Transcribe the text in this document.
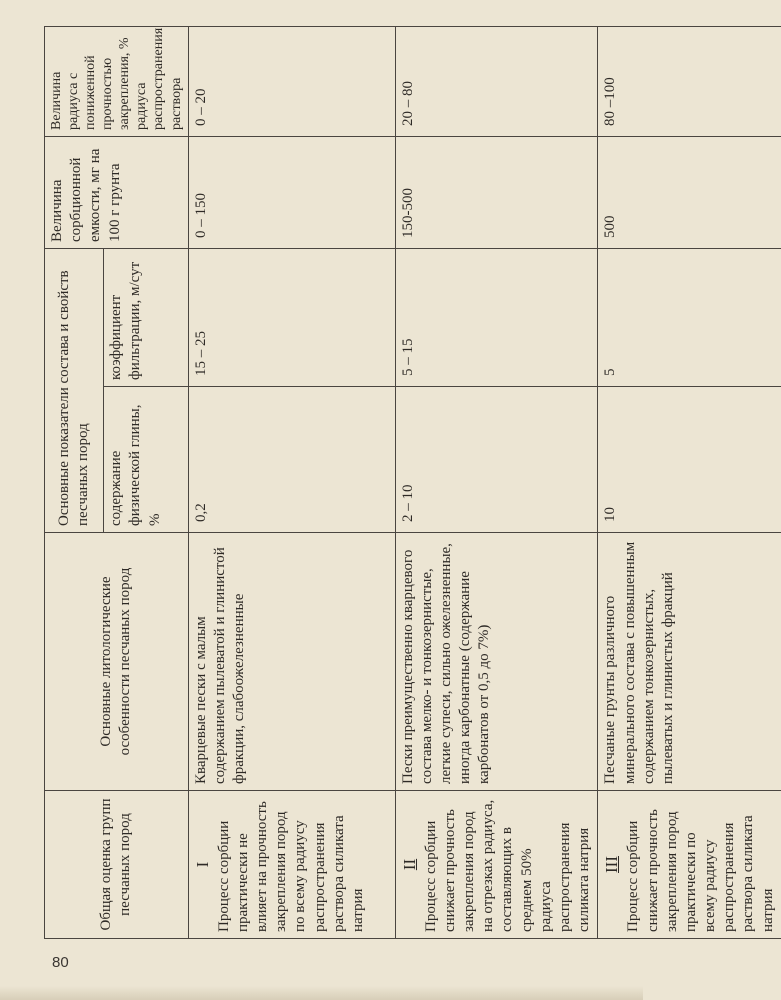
80
Общая оценка групп песчаных пород	Основные литологические особенности песчаных пород	Основные показатели состава и свойств песчаных пород		Величина сорбционной емкости, мг на 100 г грунта	Величина радиуса с пониженной прочностью закрепления, % радиуса распространения раствора
		содержание физической глины, %	коэффициент фильтрации, м/сут		

I Процесс сорбции практически не влияет на прочность закрепления пород по всему радиусу распространения раствора силиката натрия	Кварцевые пески с малым содержанием пылеватой и глинистой фракции, слабоожелезненные	0,2	15 – 25	0 – 150	0 – 20

II Процесс сорбции снижает прочность закрепления пород на отрезках радиуса, составляющих в среднем 50% радиуса распространения силиката натрия	Пески преимущественно кварцевого состава мелко- и тонкозернистые, легкие супеси, сильно ожелезненные, иногда карбонатные (содержание карбонатов от 0,5 до 7%)	2 – 10	5 – 15	150-500	20 – 80

III Процесс сорбции снижает прочность закрепления пород практически по всему радиусу распространения раствора силиката натрия	Песчаные грунты различного минерального состава с повышенным содержанием тонкозернистых, пылеватых и глинистых фракций	10	5	500	80 –100
